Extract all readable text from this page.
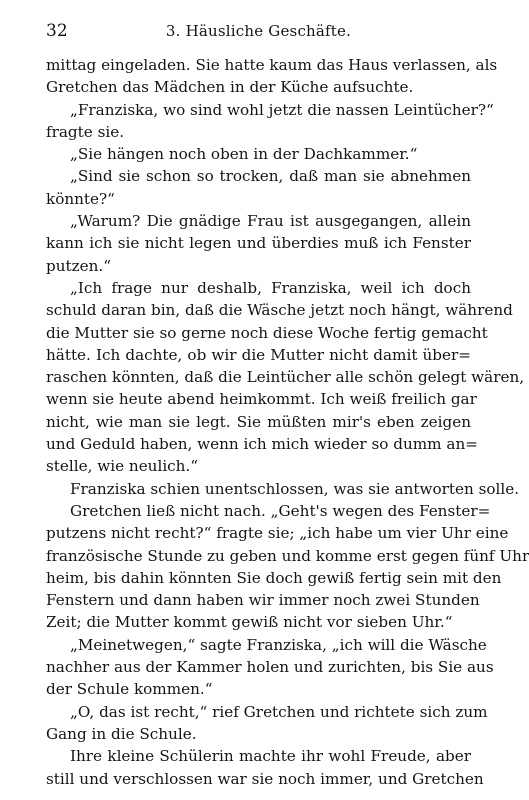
32	3. Häusliche Geschäfte.
mittag eingeladen. Sie hatte kaum das Haus verlassen, als
Gretchen das Mädchen in der Küche aufsuchte.
„Franziska, wo sind wohl jetzt die nassen Leintücher?“
fragte sie.
„Sie hängen noch oben in der Dachkammer.“
„Sind sie schon so trocken, daß man sie abnehmen
könnte?“
„Warum? Die gnädige Frau ist ausgegangen, allein
kann ich sie nicht legen und überdies muß ich Fenster
putzen.“
„Ich frage nur deshalb, Franziska, weil ich doch
schuld daran bin, daß die Wäsche jetzt noch hängt, während
die Mutter sie so gerne noch diese Woche fertig gemacht
hätte. Ich dachte, ob wir die Mutter nicht damit über=
raschen könnten, daß die Leintücher alle schön gelegt wären,
wenn sie heute abend heimkommt. Ich weiß freilich gar
nicht, wie man sie legt. Sie müßten mir's eben zeigen
und Geduld haben, wenn ich mich wieder so dumm an=
stelle, wie neulich.“
Franziska schien unentschlossen, was sie antworten solle.
Gretchen ließ nicht nach. „Geht's wegen des Fenster=
putzens nicht recht?“ fragte sie; „ich habe um vier Uhr eine
französische Stunde zu geben und komme erst gegen fünf Uhr
heim, bis dahin könnten Sie doch gewiß fertig sein mit den
Fenstern und dann haben wir immer noch zwei Stunden
Zeit; die Mutter kommt gewiß nicht vor sieben Uhr.“
„Meinetwegen,“ sagte Franziska, „ich will die Wäsche
nachher aus der Kammer holen und zurichten, bis Sie aus
der Schule kommen.“
„O, das ist recht,“ rief Gretchen und richtete sich zum
Gang in die Schule.
Ihre kleine Schülerin machte ihr wohl Freude, aber
still und verschlossen war sie noch immer, und Gretchen
